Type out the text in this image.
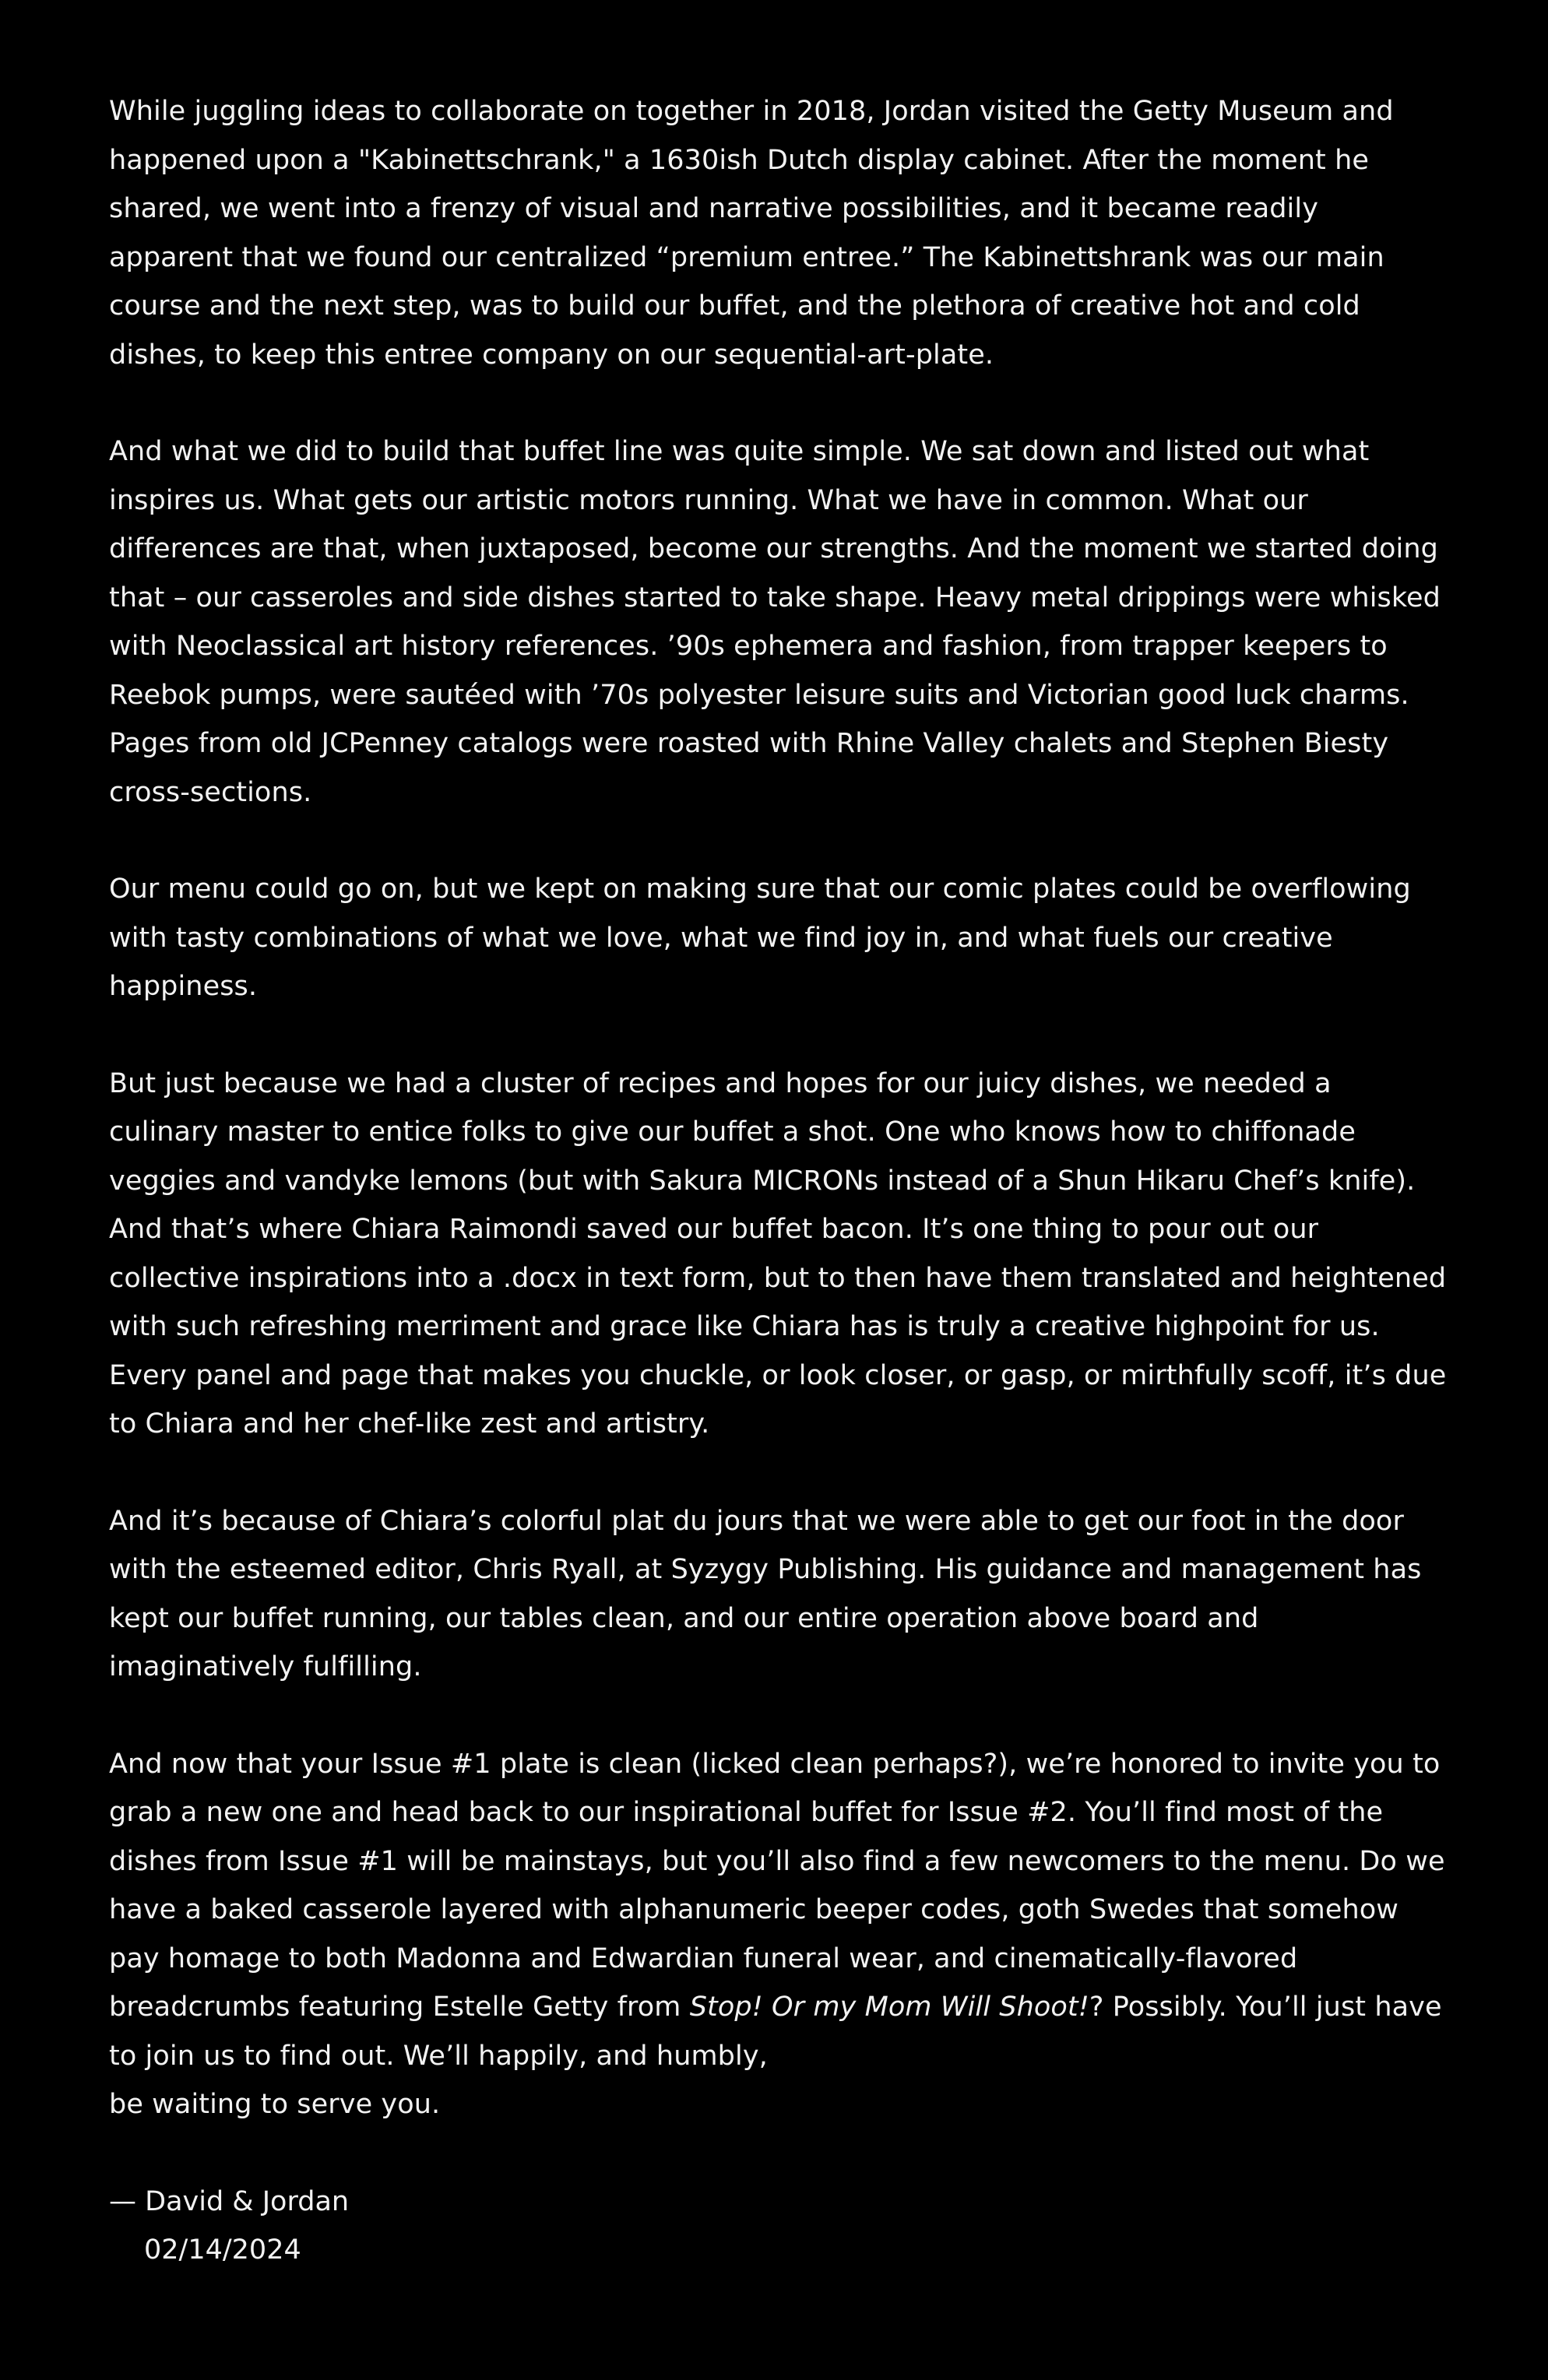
While juggling ideas to collaborate on together in 2018, Jordan visited the Getty Museum and happened upon a "Kabinettschrank," a 1630ish Dutch display cabinet. After the moment he shared, we went into a frenzy of visual and narrative possibilities, and it became readily apparent that we found our centralized “premium entree.” The Kabinettshrank was our main course and the next step, was to build our buffet, and the plethora of creative hot and cold dishes, to keep this entree company on our sequential-art-plate.

And what we did to build that buffet line was quite simple. We sat down and listed out what inspires us. What gets our artistic motors running. What we have in common. What our differences are that, when juxtaposed, become our strengths. And the moment we started doing that – our casseroles and side dishes started to take shape. Heavy metal drippings were whisked with Neoclassical art history references. ’90s ephemera and fashion, from trapper keepers to Reebok pumps, were sautéed with ’70s polyester leisure suits and Victorian good luck charms. Pages from old JCPenney catalogs were roasted with Rhine Valley chalets and Stephen Biesty cross-sections.

Our menu could go on, but we kept on making sure that our comic plates could be overflowing with tasty combinations of what we love, what we find joy in, and what fuels our creative happiness.

But just because we had a cluster of recipes and hopes for our juicy dishes, we needed a culinary master to entice folks to give our buffet a shot. One who knows how to chiffonade veggies and vandyke lemons (but with Sakura MICRONs instead of a Shun Hikaru Chef’s knife). And that’s where Chiara Raimondi saved our buffet bacon. It’s one thing to pour out our collective inspirations into a .docx in text form, but to then have them translated and heightened with such refreshing merriment and grace like Chiara has is truly a creative highpoint for us. Every panel and page that makes you chuckle, or look closer, or gasp, or mirthfully scoff, it’s due to Chiara and her chef-like zest and artistry.

And it’s because of Chiara’s colorful plat du jours that we were able to get our foot in the door with the esteemed editor, Chris Ryall, at Syzygy Publishing. His guidance and management has kept our buffet running, our tables clean, and our entire operation above board and imaginatively fulfilling.

And now that your Issue #1 plate is clean (licked clean perhaps?), we’re honored to invite you to grab a new one and head back to our inspirational buffet for Issue #2. You’ll find most of the dishes from Issue #1 will be mainstays, but you’ll also find a few newcomers to the menu. Do we have a baked casserole layered with alphanumeric beeper codes, goth Swedes that somehow pay homage to both Madonna and Edwardian funeral wear, and cinematically-flavored breadcrumbs featuring Estelle Getty from Stop! Or my Mom Will Shoot!? Possibly. You’ll just have to join us to find out. We’ll happily, and humbly,
be waiting to serve you.

— David & Jordan
02/14/2024
